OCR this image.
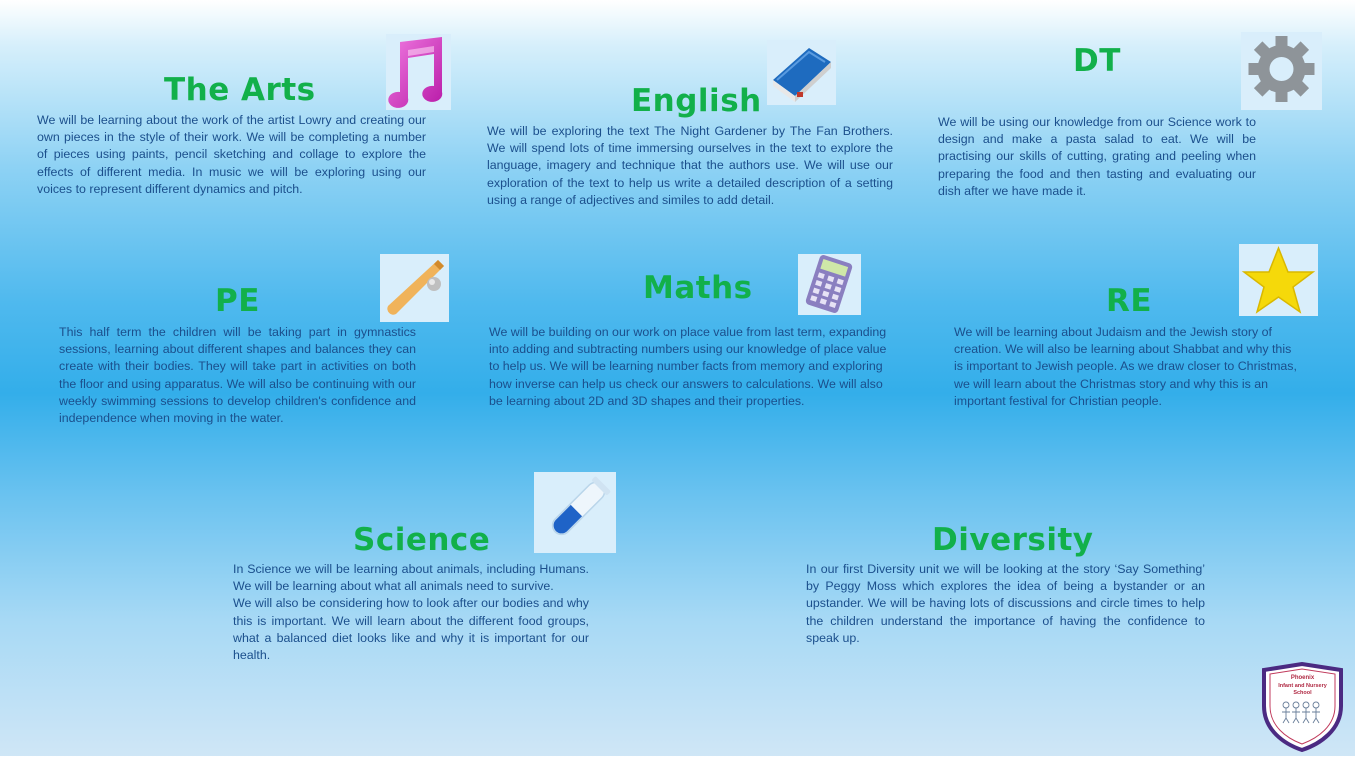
The Arts
We will be learning about the work of the artist Lowry and creating our own pieces in the style of their work. We will be completing a number of pieces using paints, pencil sketching and collage to explore the effects of different media. In music we will be exploring using our voices to represent different dynamics and pitch.
English
We will be exploring the text The Night Gardener by The Fan Brothers. We will spend lots of time immersing ourselves in the text to explore the language, imagery and technique that the authors use. We will use our exploration of the text to help us write a detailed description of a setting using a range of adjectives and similes to add detail.
DT
We will be using our knowledge from our Science work to design and make a pasta salad to eat. We will be practising our skills of cutting, grating and peeling when preparing the food and then tasting and evaluating our dish after we have made it.
PE
This half term the children will be taking part in gymnastics sessions, learning about different shapes and balances they can create with their bodies. They will take part in activities on both the floor and using apparatus. We will also be continuing with our weekly swimming sessions to develop children's confidence and independence when moving in the water.
Maths
We will be building on our work on place value from last term, expanding into adding and subtracting numbers using our knowledge of place value to help us. We will be learning number facts from memory and exploring how inverse can help us check our answers to calculations. We will also be learning about 2D and 3D shapes and their properties.
RE
We will be learning about Judaism and the Jewish story of creation. We will also be learning about Shabbat and why this is important to Jewish people. As we draw closer to Christmas, we will learn about the Christmas story and why this is an important festival for Christian people.
Science

In Science we will be learning about animals, including Humans. We will be learning about what all animals need to survive.

We will also be considering how to look after our bodies and why this is important. We will learn about the different food groups, what a balanced diet looks like and why it is important for our health.

Diversity
In our first Diversity unit we will be looking at the story ‘Say Something’ by Peggy Moss which explores the idea of being a bystander or an upstander. We will be having lots of discussions and circle times to help the children understand the importance of having the confidence to speak up.
Phoenix
Infant and Nursery
School
